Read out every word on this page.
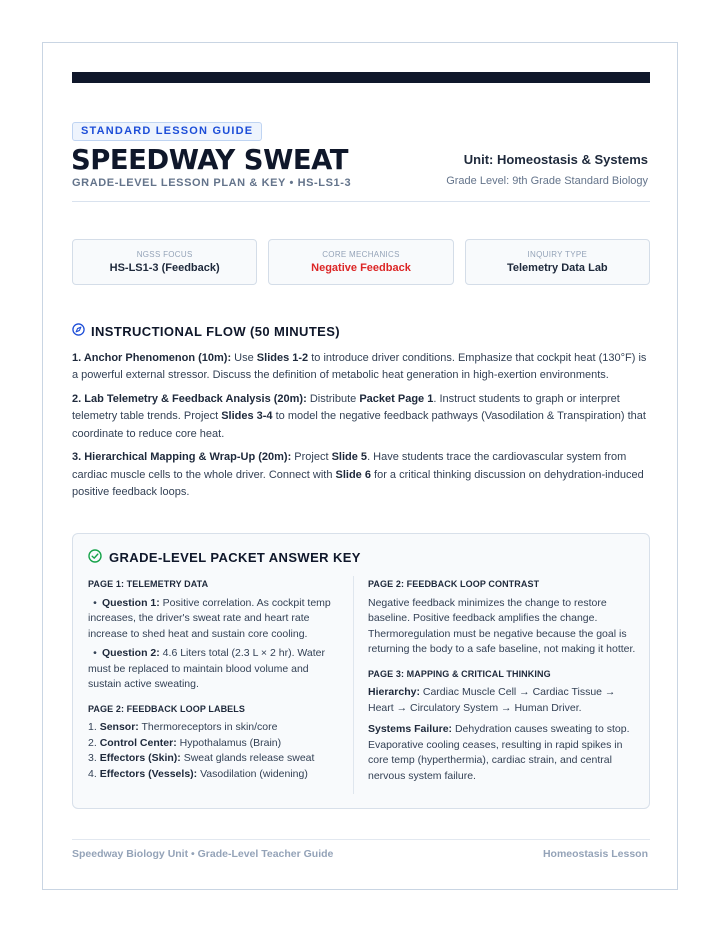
STANDARD LESSON GUIDE
SPEEDWAY SWEAT
GRADE-LEVEL LESSON PLAN & KEY • HS-LS1-3
Unit: Homeostasis & Systems
Grade Level: 9th Grade Standard Biology
NGSS FOCUS
HS-LS1-3 (Feedback)
CORE MECHANICS
Negative Feedback
INQUIRY TYPE
Telemetry Data Lab
INSTRUCTIONAL FLOW (50 MINUTES)

1. Anchor Phenomenon (10m): Use Slides 1-2 to introduce driver conditions. Emphasize that cockpit heat (130°F) is a powerful external stressor. Discuss the definition of metabolic heat generation in high-exertion environments.

2. Lab Telemetry & Feedback Analysis (20m): Distribute Packet Page 1. Instruct students to graph or interpret telemetry table trends. Project Slides 3-4 to model the negative feedback pathways (Vasodilation & Transpiration) that coordinate to reduce core heat.

3. Hierarchical Mapping & Wrap-Up (20m): Project Slide 5. Have students trace the cardiovascular system from cardiac muscle cells to the whole driver. Connect with Slide 6 for a critical thinking discussion on dehydration-induced positive feedback loops.

GRADE-LEVEL PACKET ANSWER KEY
PAGE 1: TELEMETRY DATA
• Question 1: Positive correlation. As cockpit temp increases, the driver's sweat rate and heart rate increase to shed heat and sustain core cooling.
• Question 2: 4.6 Liters total (2.3 L × 2 hr). Water must be replaced to maintain blood volume and sustain active sweating.
PAGE 2: FEEDBACK LOOP LABELS
1. Sensor: Thermoreceptors in skin/core
2. Control Center: Hypothalamus (Brain)
3. Effectors (Skin): Sweat glands release sweat
4. Effectors (Vessels): Vasodilation (widening)
PAGE 2: FEEDBACK LOOP CONTRAST

Negative feedback minimizes the change to restore baseline. Positive feedback amplifies the change. Thermoregulation must be negative because the goal is returning the body to a safe baseline, not making it hotter.

PAGE 3: MAPPING & CRITICAL THINKING

Hierarchy: Cardiac Muscle Cell → Cardiac Tissue → Heart → Circulatory System → Human Driver.

Systems Failure: Dehydration causes sweating to stop. Evaporative cooling ceases, resulting in rapid spikes in core temp (hyperthermia), cardiac strain, and central nervous system failure.

Speedway Biology Unit • Grade-Level Teacher Guide	Homeostasis Lesson
